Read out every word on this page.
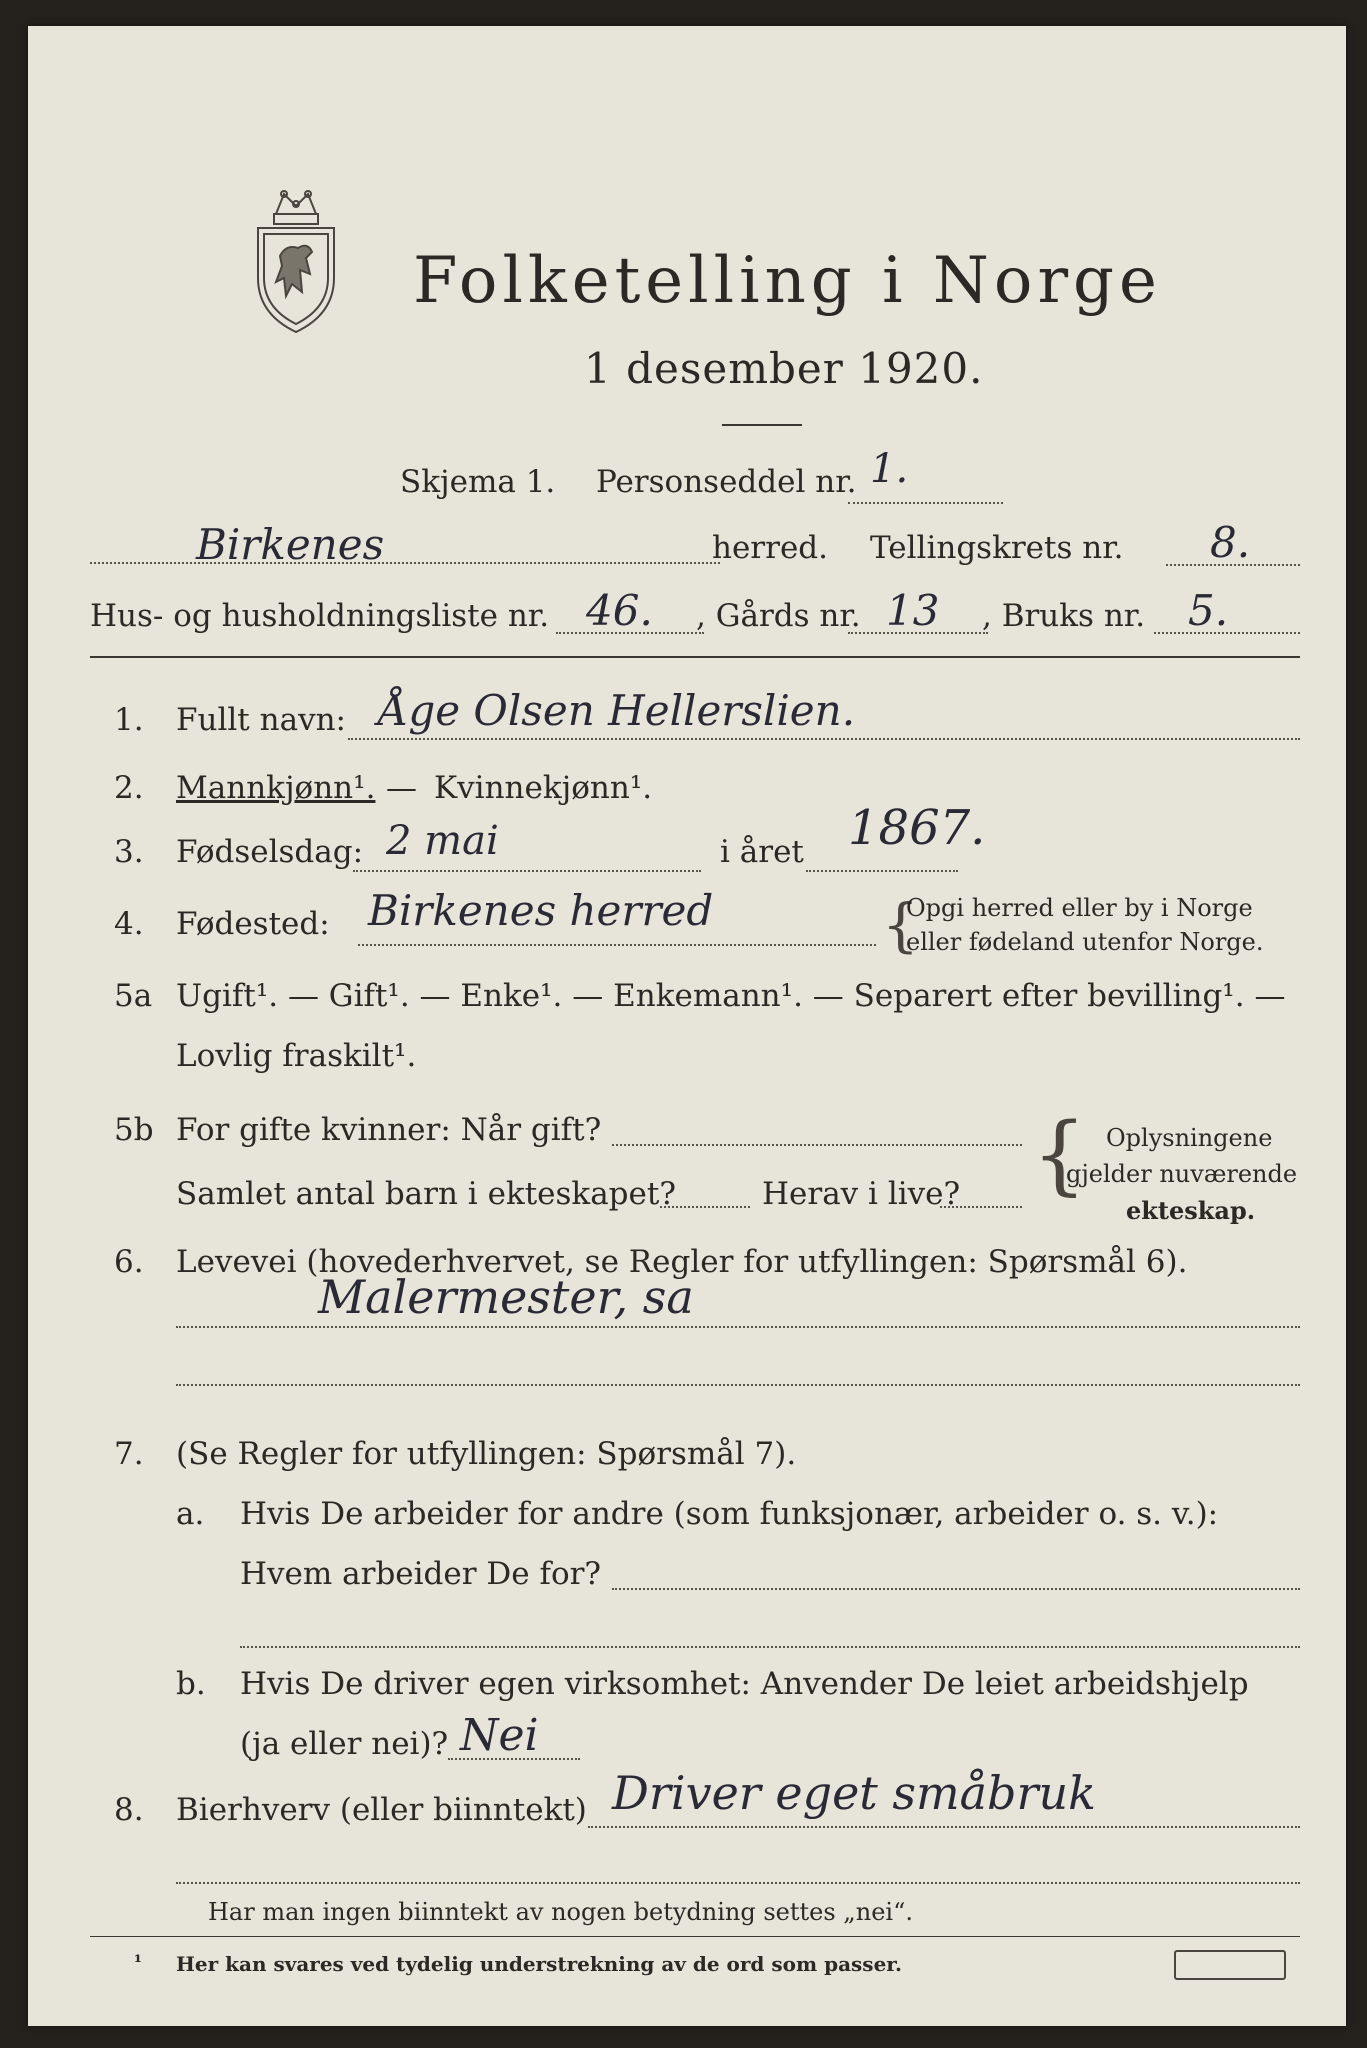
Folketelling i Norge
1 desember 1920.
Skjema 1. Personseddel nr. 1.
Birkenes	herred. Tellingskrets nr. 8.
Hus- og husholdningsliste nr. 46. , Gårds nr. 13 , Bruks nr. 5.
1. Fullt navn: Åge Olsen Hellerslien.
2. Mannkjønn¹. — Kvinnekjønn¹.
3. Fødselsdag: 2 mai	i året 1867.
4. Fødested: Birkenes herred	{
Opgi herred eller by i Norge
eller fødeland utenfor Norge.
5a Ugift¹. — Gift¹. — Enke¹. — Enkemann¹. — Separert efter bevilling¹. —
Lovlig fraskilt¹.
5b For gifte kvinner: Når gift?
Samlet antal barn i ekteskapet?	Herav i live? { Oplysningene
gjelder nuværende
ekteskap.
6. Levevei (hovederhvervet, se Regler for utfyllingen: Spørsmål 6).
Malermester, sa
7. (Se Regler for utfyllingen: Spørsmål 7).
a. Hvis De arbeider for andre (som funksjonær, arbeider o. s. v.):
Hvem arbeider De for?
b. Hvis De driver egen virksomhet: Anvender De leiet arbeidshjelp
(ja eller nei)? Nei
8. Bierhverv (eller biinntekt) Driver eget småbruk
Har man ingen biinntekt av nogen betydning settes „nei“.
¹ Her kan svares ved tydelig understrekning av de ord som passer.
